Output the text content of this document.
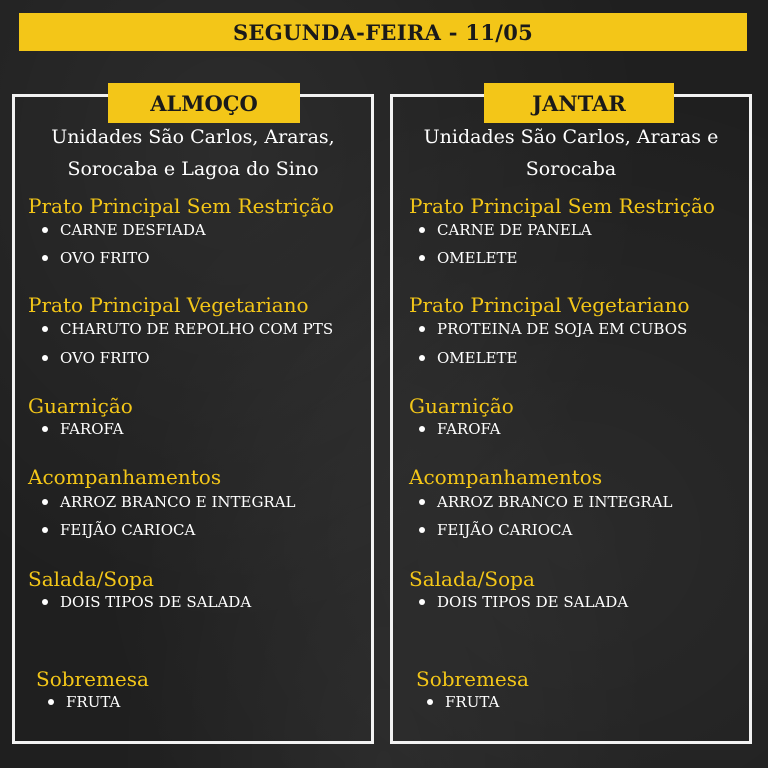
SEGUNDA-FEIRA - 11/05
ALMOÇO
Unidades São Carlos, Araras,
Sorocaba e Lagoa do Sino
Prato Principal Sem Restrição
CARNE DESFIADA
OVO FRITO
Prato Principal Vegetariano
CHARUTO DE REPOLHO COM PTS
OVO FRITO
Guarnição
FAROFA
Acompanhamentos
ARROZ BRANCO E INTEGRAL
FEIJÃO CARIOCA
Salada/Sopa
DOIS TIPOS DE SALADA
Sobremesa
FRUTA
JANTAR
Unidades São Carlos, Araras e
Sorocaba
Prato Principal Sem Restrição
CARNE DE PANELA
OMELETE
Prato Principal Vegetariano
PROTEINA DE SOJA EM CUBOS
OMELETE
Guarnição
FAROFA
Acompanhamentos
ARROZ BRANCO E INTEGRAL
FEIJÃO CARIOCA
Salada/Sopa
DOIS TIPOS DE SALADA
Sobremesa
FRUTA
